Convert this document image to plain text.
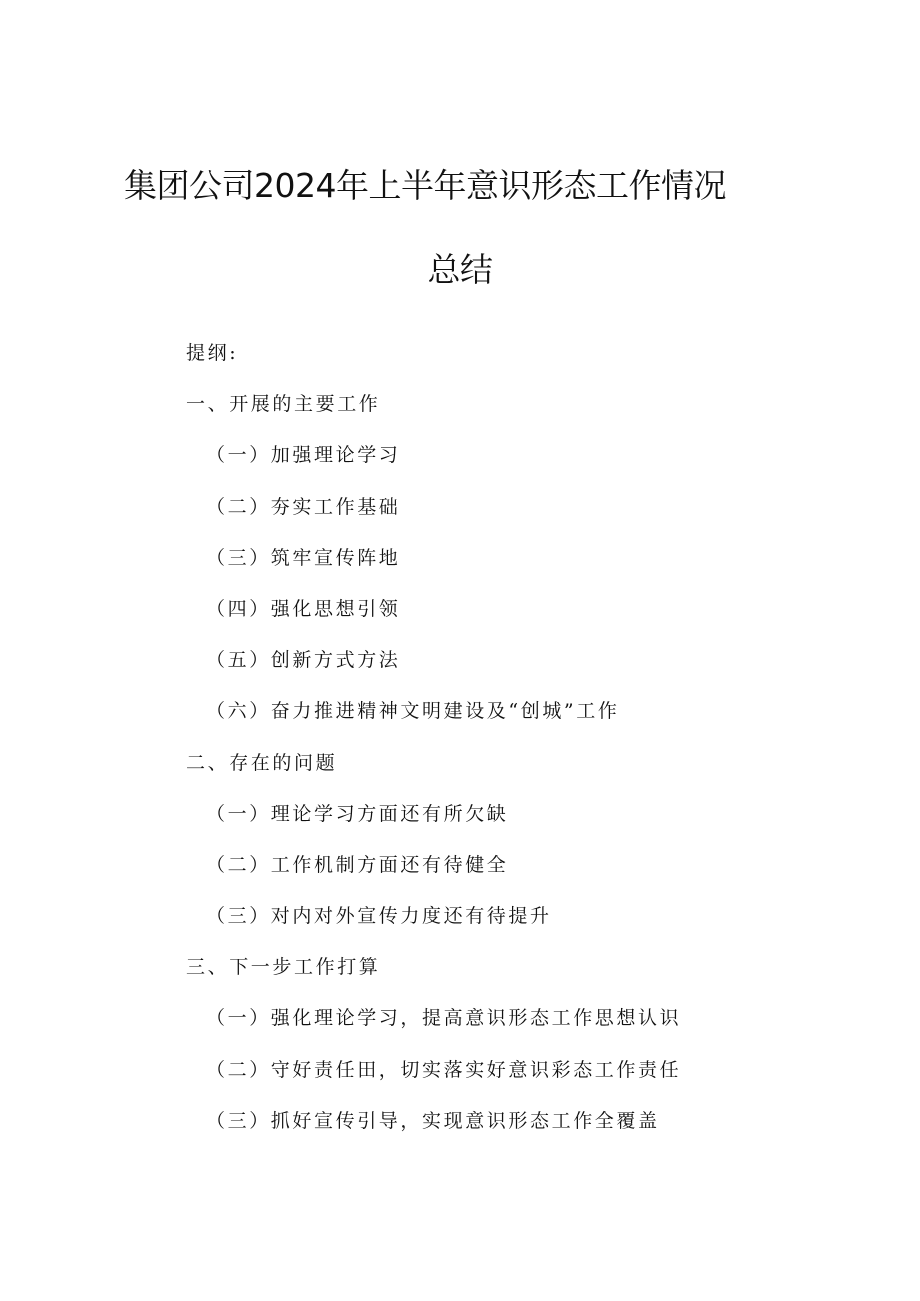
集团公司2024年上半年意识形态工作情况
总结
提纲:
一、开展的主要工作
（一）加强理论学习
（二）夯实工作基础
（三）筑牢宣传阵地
（四）强化思想引领
（五）创新方式方法
（六）奋力推进精神文明建设及“创城”工作
二、存在的问题
（一）理论学习方面还有所欠缺
（二）工作机制方面还有待健全
（三）对内对外宣传力度还有待提升
三、下一步工作打算
（一）强化理论学习，提高意识形态工作思想认识
（二）守好责任田，切实落实好意识彩态工作责任
（三）抓好宣传引导，实现意识形态工作全覆盖
